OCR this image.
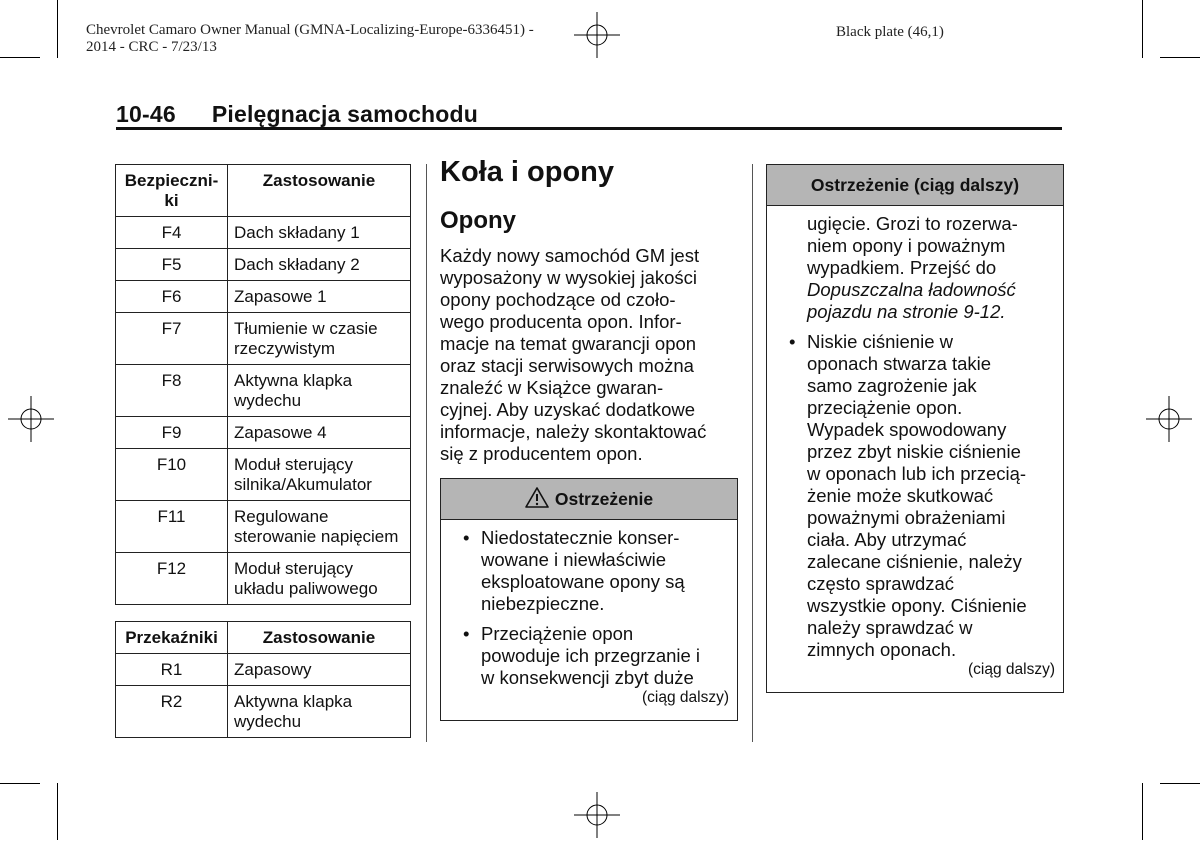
Chevrolet Camaro Owner Manual (GMNA-Localizing-Europe-6336451) -
2014 - CRC - 7/23/13
Black plate (46,1)
10-46 Pielęgnacja samochodu
Bezpieczni-
ki	Zastosowanie
F4	Dach składany 1
F5	Dach składany 2
F6	Zapasowe 1
F7	Tłumienie w czasie rzeczywistym
F8	Aktywna klapka wydechu
F9	Zapasowe 4
F10	Moduł sterujący silnika/Akumulator
F11	Regulowane sterowanie napięciem
F12	Moduł sterujący układu paliwowego
Przekaźniki	Zastosowanie
R1	Zapasowy
R2	Aktywna klapka wydechu
Koła i opony
Opony
Każdy nowy samochód GM jest
wyposażony w wysokiej jakości
opony pochodzące od czoło-
wego producenta opon. Infor-
macje na temat gwarancji opon
oraz stacji serwisowych można
znaleźć w Książce gwaran-
cyjnej. Aby uzyskać dodatkowe
informacje, należy skontaktować
się z producentem opon.
Ostrzeżenie
• Niedostatecznie konser-
wowane i niewłaściwie
eksploatowane opony są
niebezpieczne.
• Przeciążenie opon
powoduje ich przegrzanie i
w konsekwencji zbyt duże
(ciąg dalszy)
Ostrzeżenie (ciąg dalszy)
ugięcie. Grozi to rozerwa-
niem opony i poważnym
wypadkiem. Przejść do
Dopuszczalna ładowność
pojazdu na stronie 9-12.
• Niskie ciśnienie w
oponach stwarza takie
samo zagrożenie jak
przeciążenie opon.
Wypadek spowodowany
przez zbyt niskie ciśnienie
w oponach lub ich przecią-
żenie może skutkować
poważnymi obrażeniami
ciała. Aby utrzymać
zalecane ciśnienie, należy
często sprawdzać
wszystkie opony. Ciśnienie
należy sprawdzać w
zimnych oponach.
(ciąg dalszy)
